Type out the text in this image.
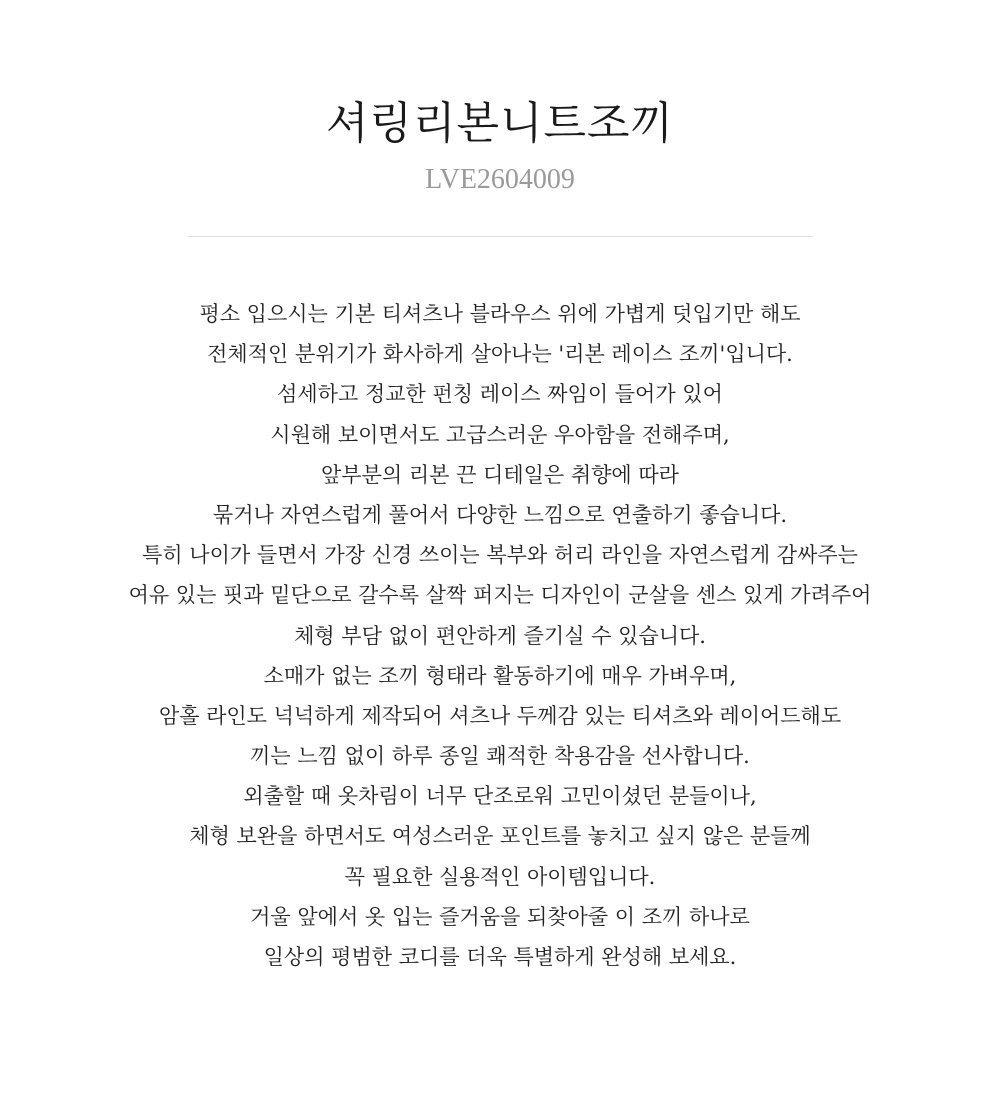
셔링리본니트조끼

LVE2604009

평소 입으시는 기본 티셔츠나 블라우스 위에 가볍게 덧입기만 해도
전체적인 분위기가 화사하게 살아나는 '리본 레이스 조끼'입니다.
섬세하고 정교한 펀칭 레이스 짜임이 들어가 있어
시원해 보이면서도 고급스러운 우아함을 전해주며,
앞부분의 리본 끈 디테일은 취향에 따라
묶거나 자연스럽게 풀어서 다양한 느낌으로 연출하기 좋습니다.
특히 나이가 들면서 가장 신경 쓰이는 복부와 허리 라인을 자연스럽게 감싸주는
여유 있는 핏과 밑단으로 갈수록 살짝 퍼지는 디자인이 군살을 센스 있게 가려주어
체형 부담 없이 편안하게 즐기실 수 있습니다.
소매가 없는 조끼 형태라 활동하기에 매우 가벼우며,
암홀 라인도 넉넉하게 제작되어 셔츠나 두께감 있는 티셔츠와 레이어드해도
끼는 느낌 없이 하루 종일 쾌적한 착용감을 선사합니다.
외출할 때 옷차림이 너무 단조로워 고민이셨던 분들이나,
체형 보완을 하면서도 여성스러운 포인트를 놓치고 싶지 않은 분들께
꼭 필요한 실용적인 아이템입니다.
거울 앞에서 옷 입는 즐거움을 되찾아줄 이 조끼 하나로
일상의 평범한 코디를 더욱 특별하게 완성해 보세요.
